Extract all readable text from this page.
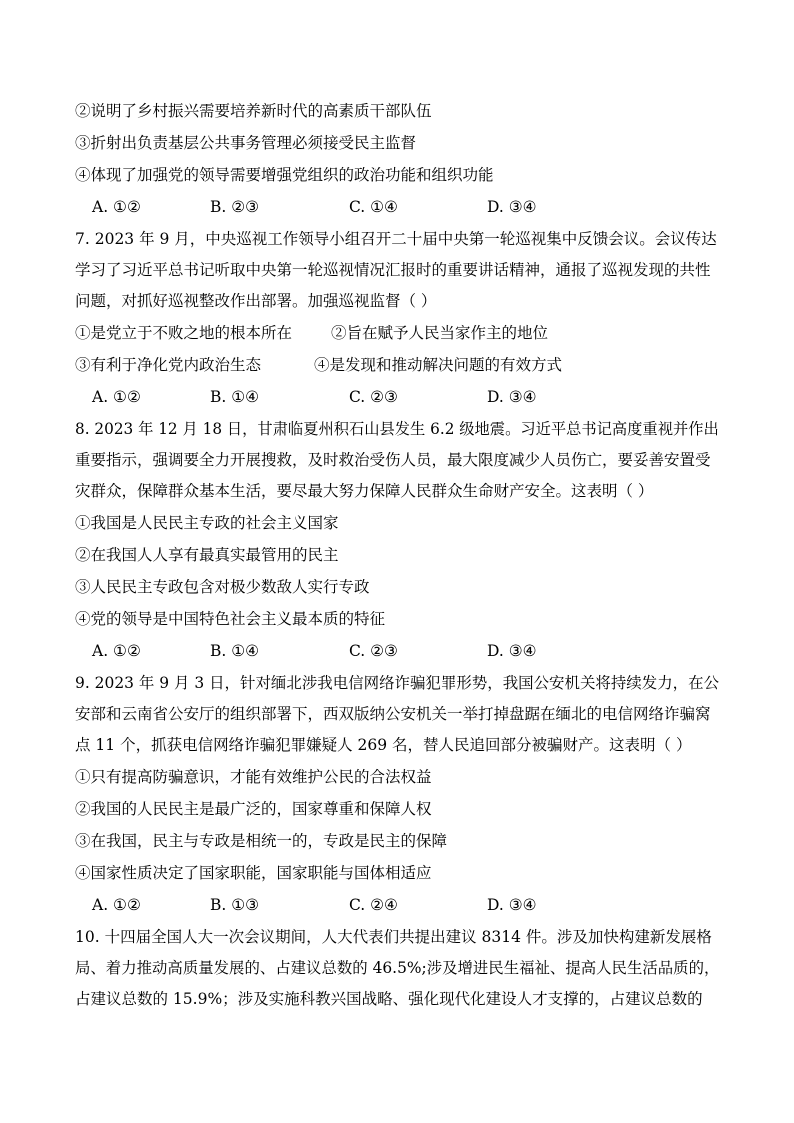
②说明了乡村振兴需要培养新时代的高素质干部队伍
③折射出负责基层公共事务管理必须接受民主监督
④体现了加强党的领导需要增强党组织的政治功能和组织功能
A. ①②	B. ②③	C. ①④	D. ③④
7. 2023 年 9 月，中央巡视工作领导小组召开二十届中央第一轮巡视集中反馈会议。会议传达
学习了习近平总书记听取中央第一轮巡视情况汇报时的重要讲话精神，通报了巡视发现的共性
问题，对抓好巡视整改作出部署。加强巡视监督（ ）
①是党立于不败之地的根本所在	②旨在赋予人民当家作主的地位
③有利于净化党内政治生态	④是发现和推动解决问题的有效方式
A. ①②	B. ①④	C. ②③	D. ③④
8. 2023 年 12 月 18 日，甘肃临夏州积石山县发生 6.2 级地震。习近平总书记高度重视并作出
重要指示，强调要全力开展搜救，及时救治受伤人员，最大限度减少人员伤亡，要妥善安置受
灾群众，保障群众基本生活，要尽最大努力保障人民群众生命财产安全。这表明（ ）
①我国是人民民主专政的社会主义国家
②在我国人人享有最真实最管用的民主
③人民民主专政包含对极少数敌人实行专政
④党的领导是中国特色社会主义最本质的特征
A. ①②	B. ①④	C. ②③	D. ③④
9. 2023 年 9 月 3 日，针对缅北涉我电信网络诈骗犯罪形势，我国公安机关将持续发力，在公
安部和云南省公安厅的组织部署下，西双版纳公安机关一举打掉盘踞在缅北的电信网络诈骗窝
点 11 个，抓获电信网络诈骗犯罪嫌疑人 269 名，替人民追回部分被骗财产。这表明（ ）
①只有提高防骗意识，才能有效维护公民的合法权益
②我国的人民民主是最广泛的，国家尊重和保障人权
③在我国，民主与专政是相统一的，专政是民主的保障
④国家性质决定了国家职能，国家职能与国体相适应
A. ①②	B. ①③	C. ②④	D. ③④
10. 十四届全国人大一次会议期间，人大代表们共提出建议 8314 件。涉及加快构建新发展格
局、着力推动高质量发展的、占建议总数的 46.5%;涉及增进民生福祉、提高人民生活品质的，
占建议总数的 15.9%；涉及实施科教兴国战略、强化现代化建设人才支撑的，占建议总数的
